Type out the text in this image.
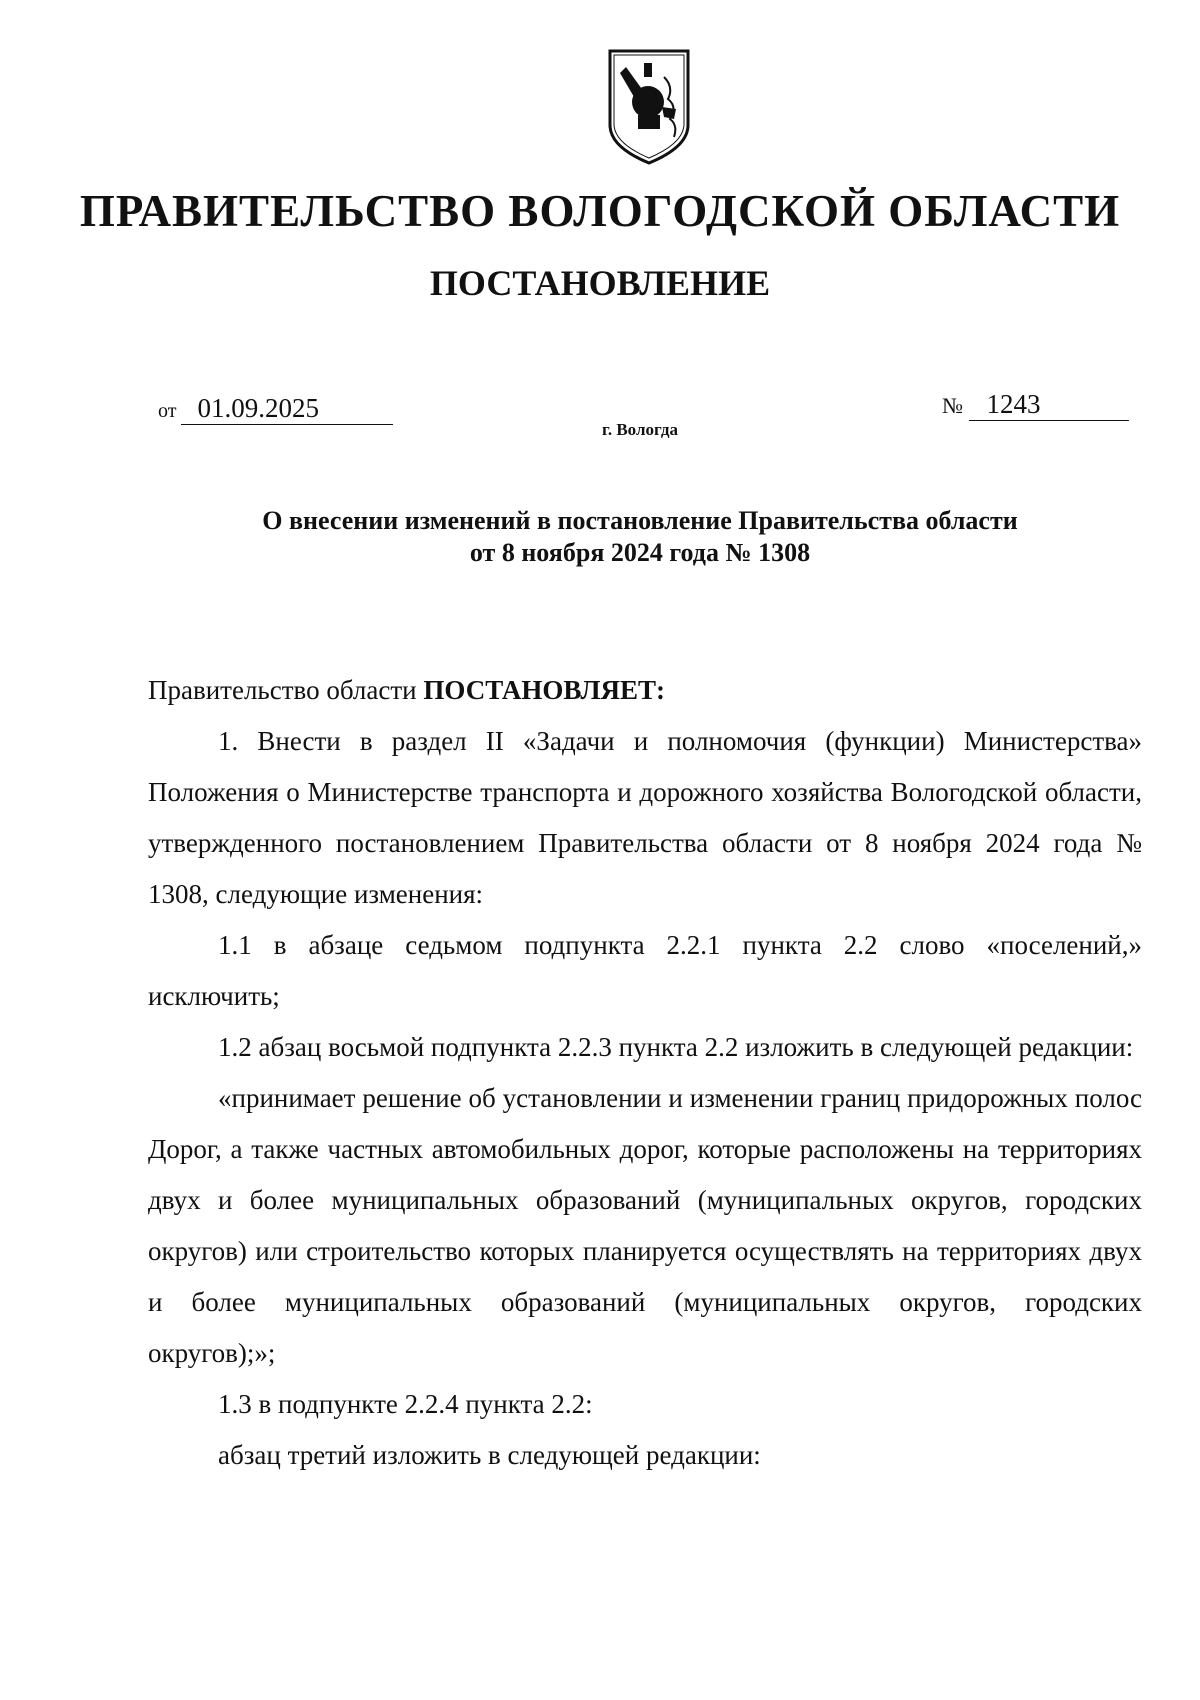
ПРАВИТЕЛЬСТВО ВОЛОГОДСКОЙ ОБЛАСТИ
ПОСТАНОВЛЕНИЕ
от 01.09.2025	№ 1243
г. Вологда
О внесении изменений в постановление Правительства области
от 8 ноября 2024 года № 1308

Правительство области ПОСТАНОВЛЯЕТ:

1. Внести в раздел II «Задачи и полномочия (функции) Министерства» Положения о Министерстве транспорта и дорожного хозяйства Вологодской области, утвержденного постановлением Правительства области от 8 ноября 2024 года № 1308, следующие изменения:

1.1 в абзаце седьмом подпункта 2.2.1 пункта 2.2 слово «поселений,» исключить;

1.2 абзац восьмой подпункта 2.2.3 пункта 2.2 изложить в следующей редакции:

«принимает решение об установлении и изменении границ придорожных полос Дорог, а также частных автомобильных дорог, которые расположены на территориях двух и более муниципальных образований (муниципальных округов, городских округов) или строительство которых планируется осуществлять на территориях двух и более муниципальных образований (муниципальных округов, городских округов);»;

1.3 в подпункте 2.2.4 пункта 2.2:

абзац третий изложить в следующей редакции:
